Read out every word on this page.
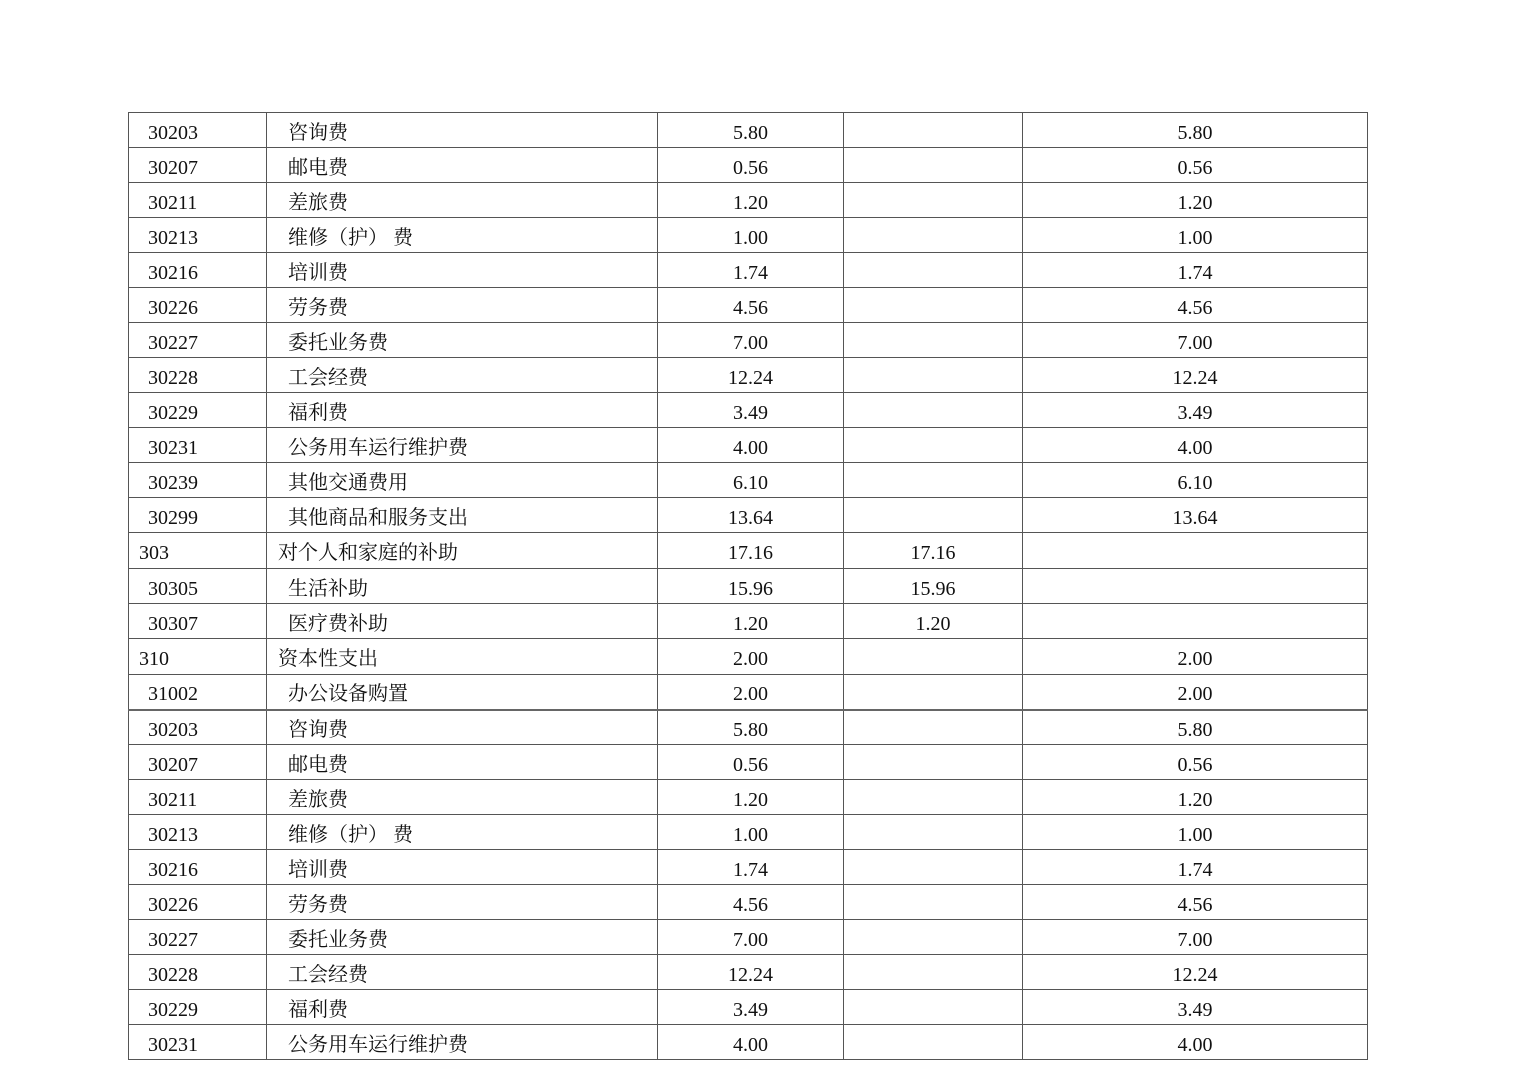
30203	咨询费	5.80		5.80
30207	邮电费	0.56		0.56
30211	差旅费	1.20		1.20
30213	维修（护） 费	1.00		1.00
30216	培训费	1.74		1.74
30226	劳务费	4.56		4.56
30227	委托业务费	7.00		7.00
30228	工会经费	12.24		12.24
30229	福利费	3.49		3.49
30231	公务用车运行维护费	4.00		4.00
30239	其他交通费用	6.10		6.10
30299	其他商品和服务支出	13.64		13.64
303	对个人和家庭的补助	17.16	17.16	
30305	生活补助	15.96	15.96	
30307	医疗费补助	1.20	1.20	
310	资本性支出	2.00		2.00
31002	办公设备购置	2.00		2.00
30203	咨询费	5.80		5.80
30207	邮电费	0.56		0.56
30211	差旅费	1.20		1.20
30213	维修（护） 费	1.00		1.00
30216	培训费	1.74		1.74
30226	劳务费	4.56		4.56
30227	委托业务费	7.00		7.00
30228	工会经费	12.24		12.24
30229	福利费	3.49		3.49
30231	公务用车运行维护费	4.00		4.00
